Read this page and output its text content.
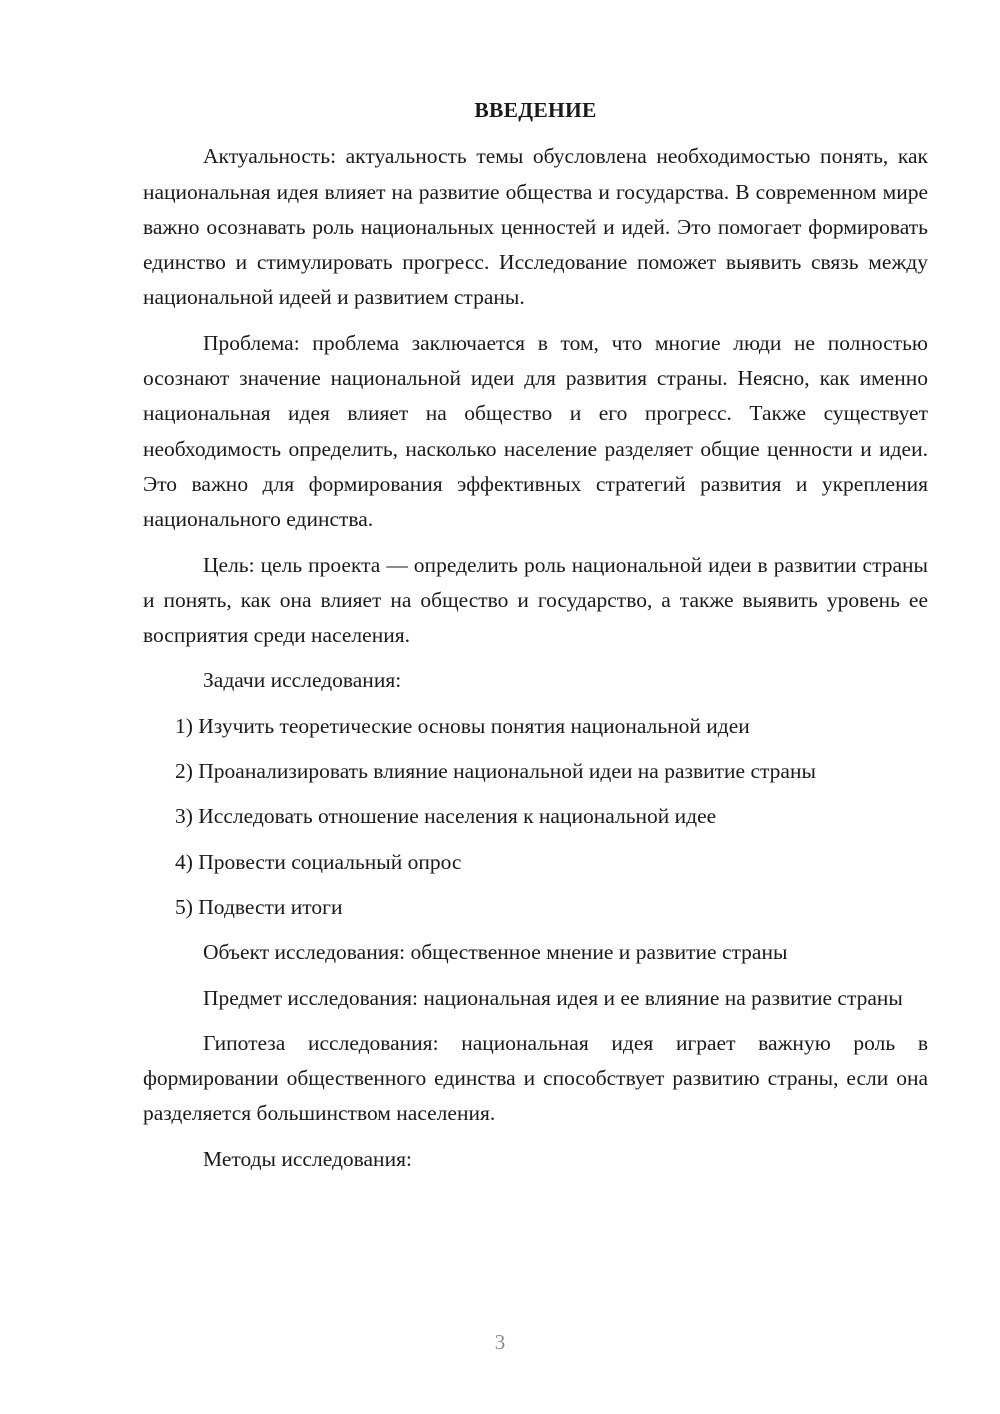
ВВЕДЕНИЕ

Актуальность: актуальность темы обусловлена необходимостью понять, как национальная идея влияет на развитие общества и государства. В современном мире важно осознавать роль национальных ценностей и идей. Это помогает формировать единство и стимулировать прогресс. Исследование поможет выявить связь между национальной идеей и развитием страны.

Проблема: проблема заключается в том, что многие люди не полностью осознают значение национальной идеи для развития страны. Неясно, как именно национальная идея влияет на общество и его прогресс. Также существует необходимость определить, насколько население разделяет общие ценности и идеи. Это важно для формирования эффективных стратегий развития и укрепления национального единства.

Цель: цель проекта — определить роль национальной идеи в развитии страны и понять, как она влияет на общество и государство, а также выявить уровень ее восприятия среди населения.

Задачи исследования:

1) Изучить теоретические основы понятия национальной идеи

2) Проанализировать влияние национальной идеи на развитие страны

3) Исследовать отношение населения к национальной идее

4) Провести социальный опрос

5) Подвести итоги

Объект исследования: общественное мнение и развитие страны

Предмет исследования: национальная идея и ее влияние на развитие страны

Гипотеза исследования: национальная идея играет важную роль в формировании общественного единства и способствует развитию страны, если она разделяется большинством населения.

Методы исследования:

3
